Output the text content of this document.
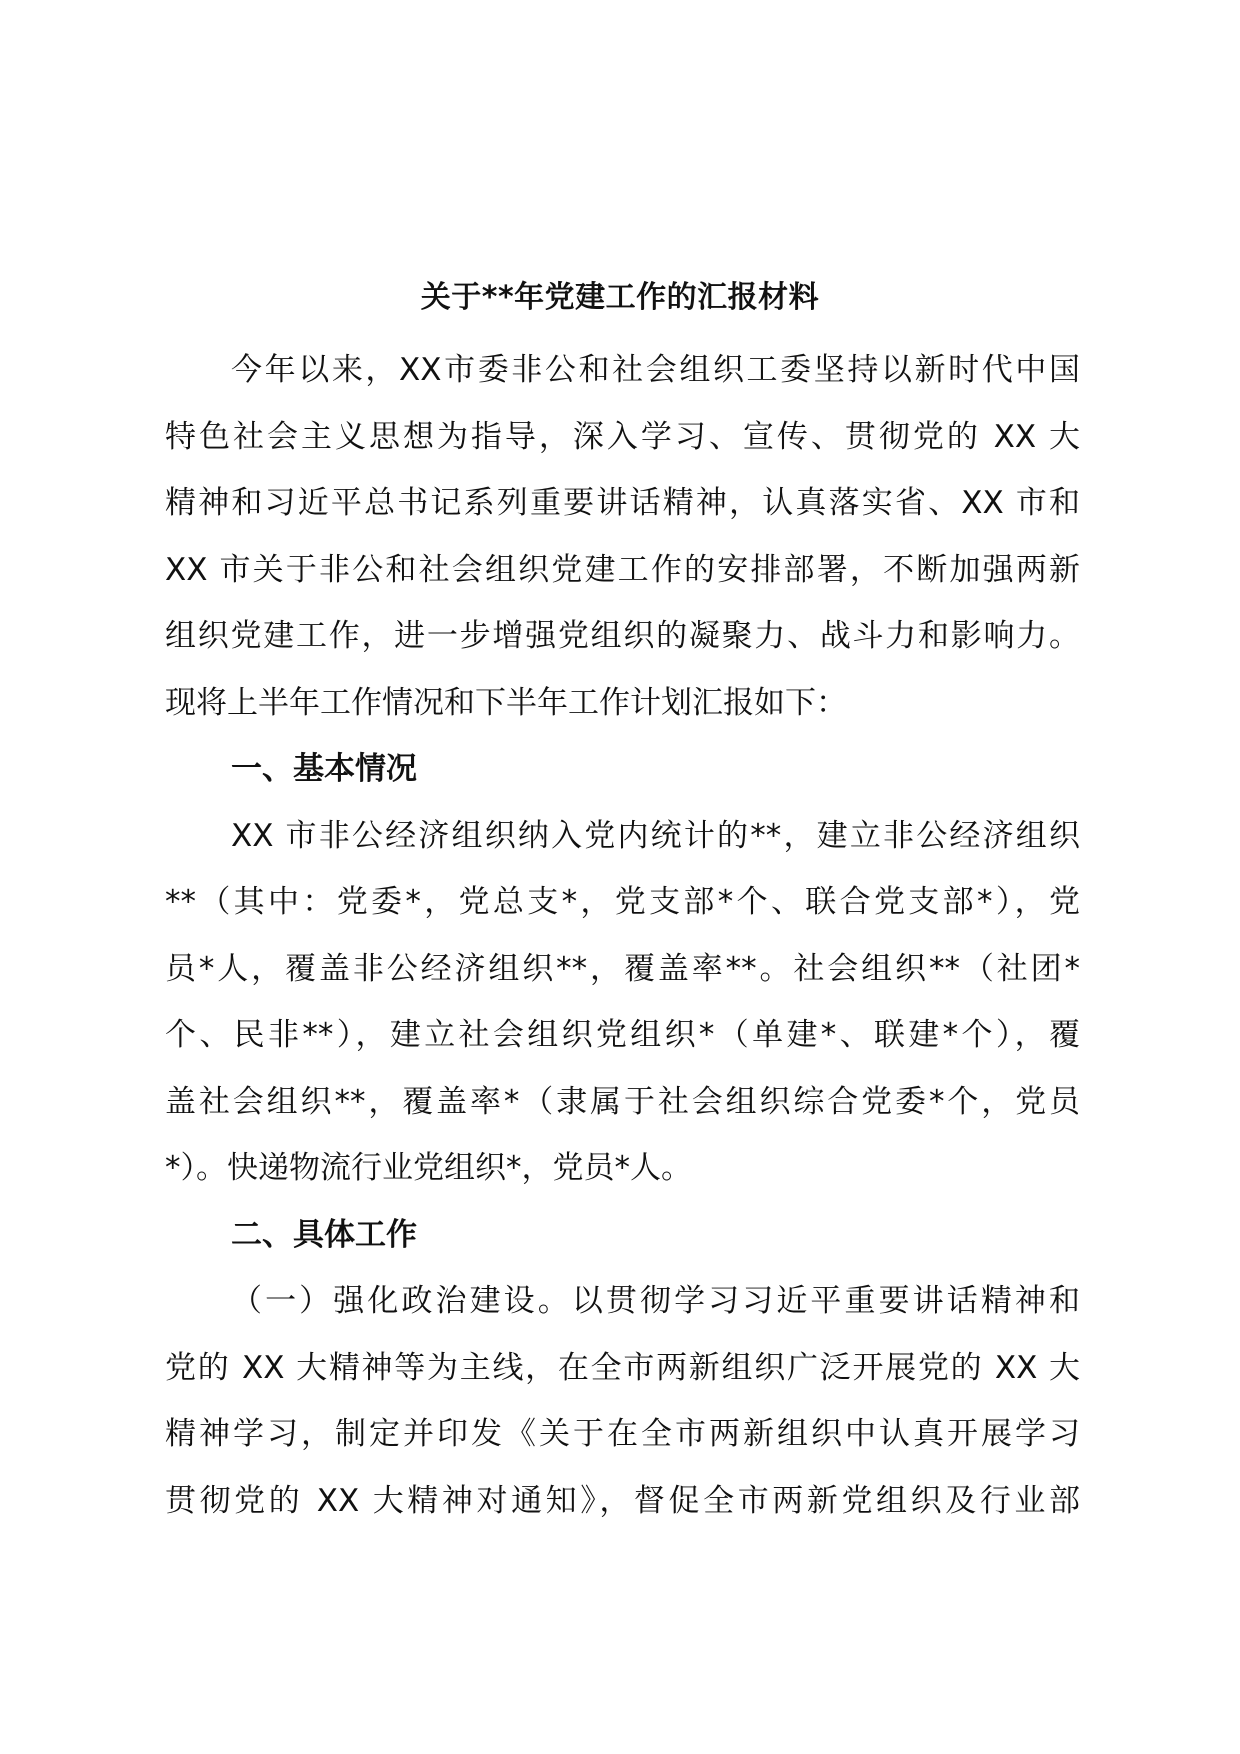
关于**年党建工作的汇报材料
今年以来，XX市委非公和社会组织工委坚持以新时代中国
特色社会主义思想为指导，深入学习、宣传、贯彻党的 XX 大
精神和习近平总书记系列重要讲话精神，认真落实省、XX 市和
XX 市关于非公和社会组织党建工作的安排部署，不断加强两新
组织党建工作，进一步增强党组织的凝聚力、战斗力和影响力。
现将上半年工作情况和下半年工作计划汇报如下：
一、基本情况
XX 市非公经济组织纳入党内统计的**，建立非公经济组织
**（其中：党委*，党总支*，党支部*个、联合党支部*），党
员*人，覆盖非公经济组织**，覆盖率**。社会组织**（社团*
个、民非**），建立社会组织党组织*（单建*、联建*个），覆
盖社会组织**，覆盖率*（隶属于社会组织综合党委*个，党员
*）。快递物流行业党组织*，党员*人。
二、具体工作
（一）强化政治建设。以贯彻学习习近平重要讲话精神和
党的 XX 大精神等为主线，在全市两新组织广泛开展党的 XX 大
精神学习，制定并印发《关于在全市两新组织中认真开展学习
贯彻党的 XX 大精神对通知》，督促全市两新党组织及行业部
